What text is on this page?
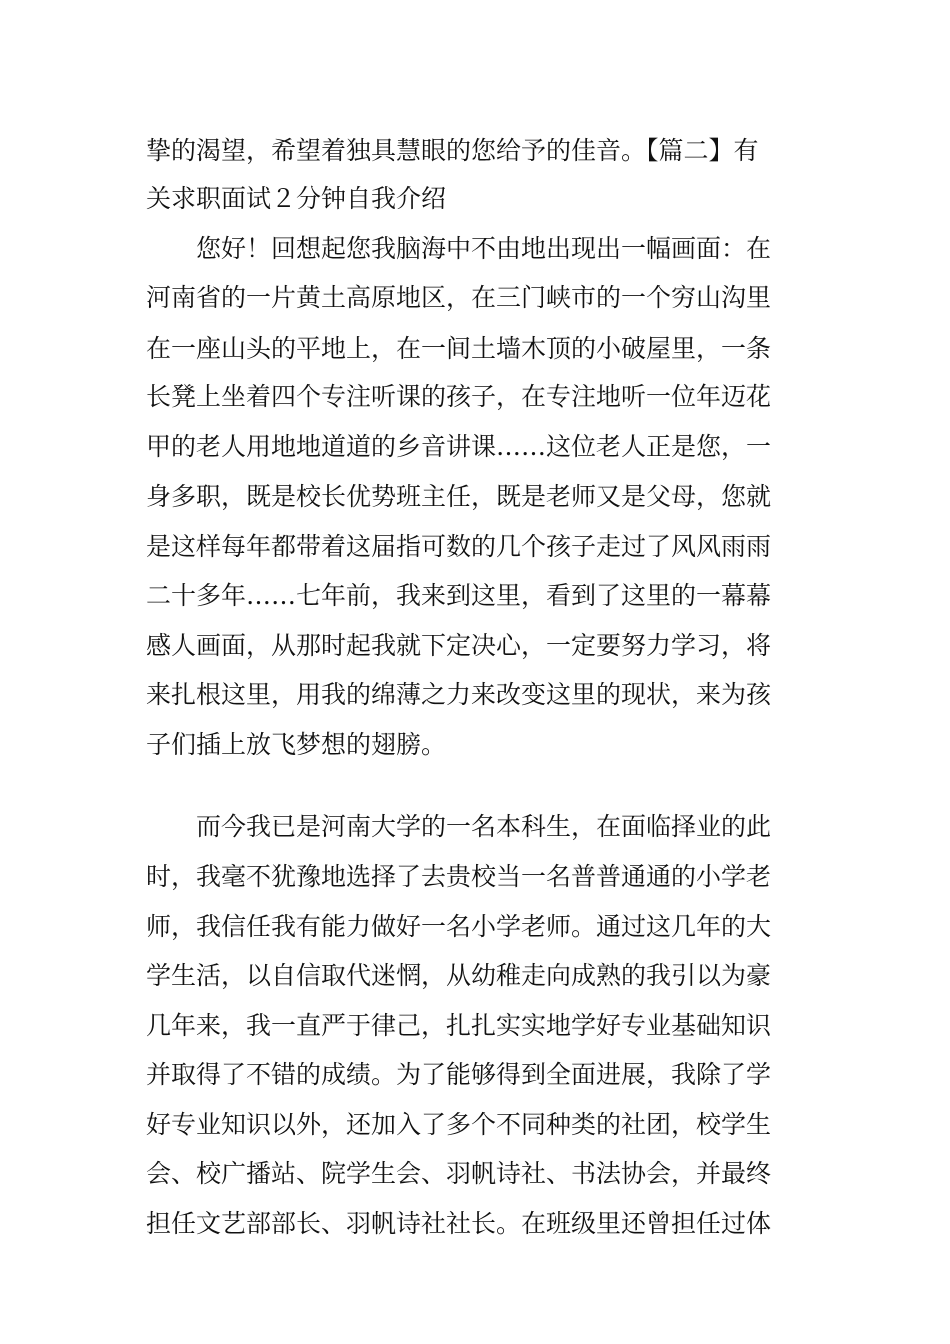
挚的渴望，希望着独具慧眼的您给予的佳音。【篇二】有
关求职面试２分钟自我介绍
　　您好！回想起您我脑海中不由地出现出一幅画面：在
河南省的一片黄土高原地区，在三门峡市的一个穷山沟里
在一座山头的平地上，在一间土墙木顶的小破屋里，一条
长凳上坐着四个专注听课的孩子，在专注地听一位年迈花
甲的老人用地地道道的乡音讲课……这位老人正是您，一
身多职，既是校长优势班主任，既是老师又是父母，您就
是这样每年都带着这届指可数的几个孩子走过了风风雨雨
二十多年……七年前，我来到这里，看到了这里的一幕幕
感人画面，从那时起我就下定决心，一定要努力学习，将
来扎根这里，用我的绵薄之力来改变这里的现状，来为孩
子们插上放飞梦想的翅膀。
　　而今我已是河南大学的一名本科生，在面临择业的此
时，我毫不犹豫地选择了去贵校当一名普普通通的小学老
师，我信任我有能力做好一名小学老师。通过这几年的大
学生活，以自信取代迷惘，从幼稚走向成熟的我引以为豪
几年来，我一直严于律己，扎扎实实地学好专业基础知识
并取得了不错的成绩。为了能够得到全面进展，我除了学
好专业知识以外，还加入了多个不同种类的社团，校学生
会、校广播站、院学生会、羽帆诗社、书法协会，并最终
担任文艺部部长、羽帆诗社社长。在班级里还曾担任过体
